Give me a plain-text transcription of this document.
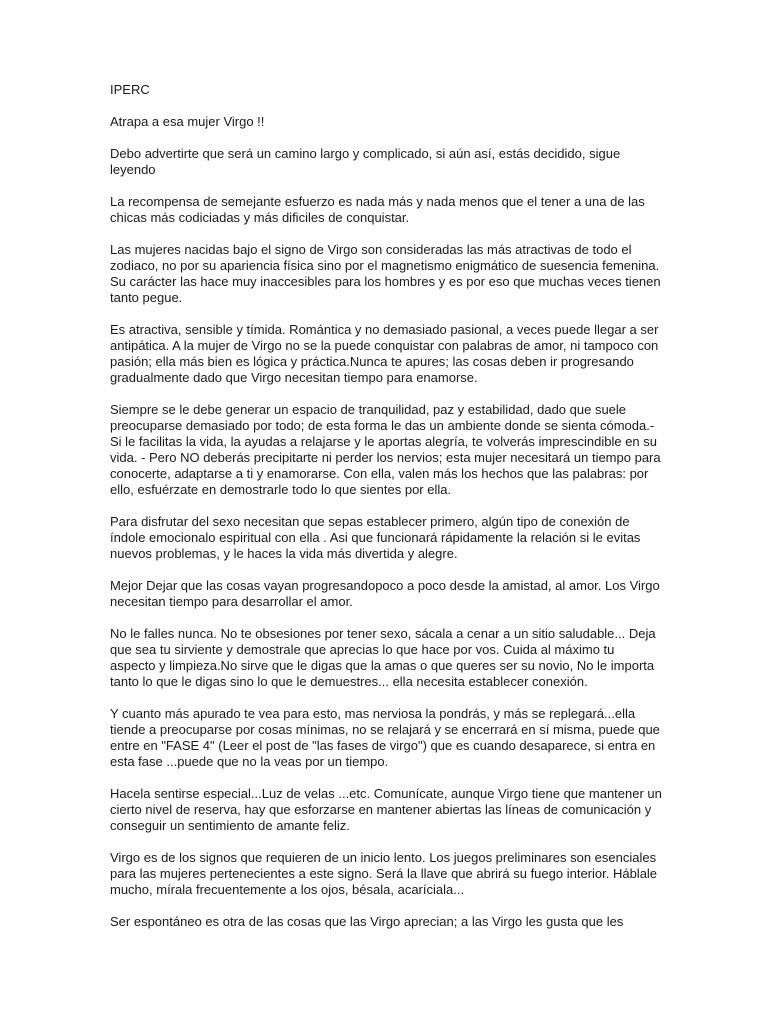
IPERC

Atrapa a esa mujer Virgo !!

Debo advertirte que será un camino largo y complicado, si aún así, estás decidido, sigue
leyendo

La recompensa de semejante esfuerzo es nada más y nada menos que el tener a una de las
chicas más codiciadas y más dificiles de conquistar.

Las mujeres nacidas bajo el signo de Virgo son consideradas las más atractivas de todo el
zodiaco, no por su apariencia física sino por el magnetismo enigmático de suesencia femenina.
Su carácter las hace muy inaccesibles para los hombres y es por eso que muchas veces tienen
tanto pegue.

Es atractiva, sensible y tímida. Romántica y no demasiado pasional, a veces puede llegar a ser
antipática. A la mujer de Virgo no se la puede conquistar con palabras de amor, ni tampoco con
pasión; ella más bien es lógica y práctica.Nunca te apures; las cosas deben ir progresando
gradualmente dado que Virgo necesitan tiempo para enamorse.

Siempre se le debe generar un espacio de tranquilidad, paz y estabilidad, dado que suele
preocuparse demasiado por todo; de esta forma le das un ambiente donde se sienta cómoda.-
Si le facilitas la vida, la ayudas a relajarse y le aportas alegría, te volverás imprescindible en su
vida. - Pero NO deberás precipitarte ni perder los nervios; esta mujer necesitará un tiempo para
conocerte, adaptarse a ti y enamorarse. Con ella, valen más los hechos que las palabras: por
ello, esfuérzate en demostrarle todo lo que sientes por ella.

Para disfrutar del sexo necesitan que sepas establecer primero, algún tipo de conexión de
índole emocionalo espiritual con ella . Asi que funcionará rápidamente la relación si le evitas
nuevos problemas, y le haces la vida más divertida y alegre.

Mejor Dejar que las cosas vayan progresandopoco a poco desde la amistad, al amor. Los Virgo
necesitan tiempo para desarrollar el amor.

No le falles nunca. No te obsesiones por tener sexo, sácala a cenar a un sitio saludable... Deja
que sea tu sirviente y demostrale que aprecias lo que hace por vos. Cuida al máximo tu
aspecto y limpieza.No sirve que le digas que la amas o que queres ser su novio, No le importa
tanto lo que le digas sino lo que le demuestres... ella necesita establecer conexión.

Y cuanto más apurado te vea para esto, mas nerviosa la pondrás, y más se replegará...ella
tiende a preocuparse por cosas mínimas, no se relajará y se encerrará en sí misma, puede que
entre en "FASE 4" (Leer el post de "las fases de virgo") que es cuando desaparece, si entra en
esta fase ...puede que no la veas por un tiempo.

Hacela sentirse especial...Luz de velas ...etc. Comunícate, aunque Virgo tiene que mantener un
cierto nivel de reserva, hay que esforzarse en mantener abiertas las líneas de comunicación y
conseguir un sentimiento de amante feliz.

Virgo es de los signos que requieren de un inicio lento. Los juegos preliminares son esenciales
para las mujeres pertenecientes a este signo. Será la llave que abrirá su fuego interior. Háblale
mucho, mírala frecuentemente a los ojos, bésala, acaríciala...

Ser espontáneo es otra de las cosas que las Virgo aprecian; a las Virgo les gusta que les
